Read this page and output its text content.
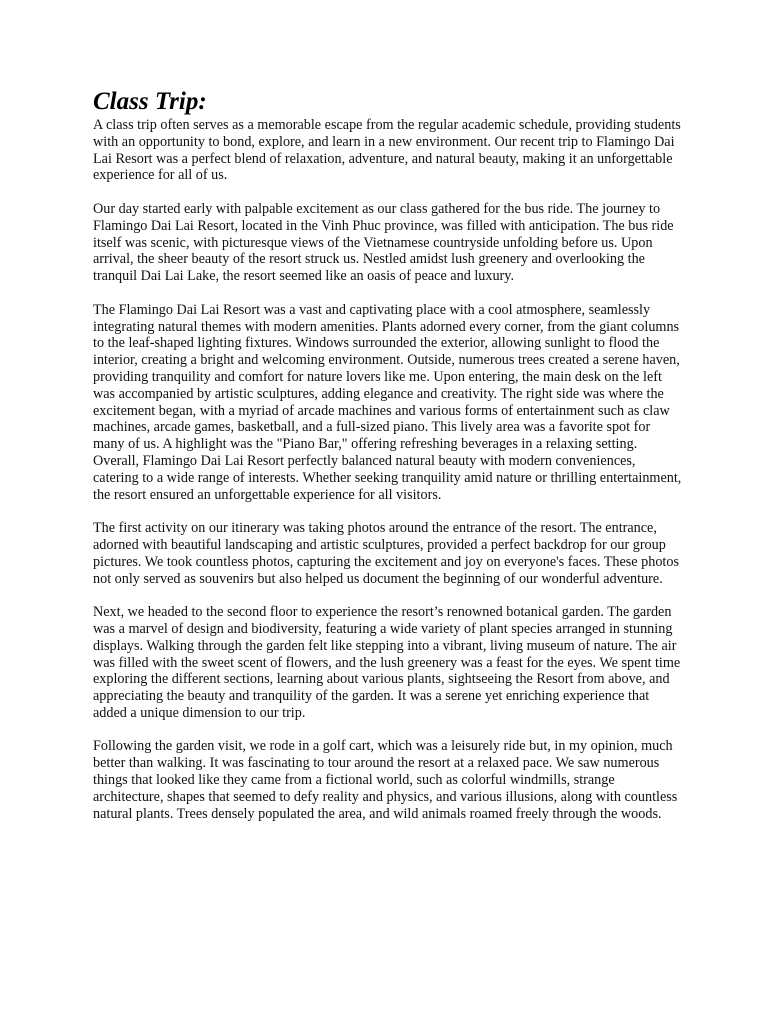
Class Trip:

A class trip often serves as a memorable escape from the regular academic schedule, providing students with an opportunity to bond, explore, and learn in a new environment. Our recent trip to Flamingo Dai Lai Resort was a perfect blend of relaxation, adventure, and natural beauty, making it an unforgettable experience for all of us.

Our day started early with palpable excitement as our class gathered for the bus ride. The journey to Flamingo Dai Lai Resort, located in the Vinh Phuc province, was filled with anticipation. The bus ride itself was scenic, with picturesque views of the Vietnamese countryside unfolding before us. Upon arrival, the sheer beauty of the resort struck us. Nestled amidst lush greenery and overlooking the tranquil Dai Lai Lake, the resort seemed like an oasis of peace and luxury.

The Flamingo Dai Lai Resort was a vast and captivating place with a cool atmosphere, seamlessly integrating natural themes with modern amenities. Plants adorned every corner, from the giant columns to the leaf-shaped lighting fixtures. Windows surrounded the exterior, allowing sunlight to flood the interior, creating a bright and welcoming environment. Outside, numerous trees created a serene haven, providing tranquility and comfort for nature lovers like me. Upon entering, the main desk on the left was accompanied by artistic sculptures, adding elegance and creativity. The right side was where the excitement began, with a myriad of arcade machines and various forms of entertainment such as claw machines, arcade games, basketball, and a full-sized piano. This lively area was a favorite spot for many of us. A highlight was the "Piano Bar," offering refreshing beverages in a relaxing setting. Overall, Flamingo Dai Lai Resort perfectly balanced natural beauty with modern conveniences, catering to a wide range of interests. Whether seeking tranquility amid nature or thrilling entertainment, the resort ensured an unforgettable experience for all visitors.

The first activity on our itinerary was taking photos around the entrance of the resort. The entrance, adorned with beautiful landscaping and artistic sculptures, provided a perfect backdrop for our group pictures. We took countless photos, capturing the excitement and joy on everyone's faces. These photos not only served as souvenirs but also helped us document the beginning of our wonderful adventure.

Next, we headed to the second floor to experience the resort’s renowned botanical garden. The garden was a marvel of design and biodiversity, featuring a wide variety of plant species arranged in stunning displays. Walking through the garden felt like stepping into a vibrant, living museum of nature. The air was filled with the sweet scent of flowers, and the lush greenery was a feast for the eyes. We spent time exploring the different sections, learning about various plants, sightseeing the Resort from above, and appreciating the beauty and tranquility of the garden. It was a serene yet enriching experience that added a unique dimension to our trip.

Following the garden visit, we rode in a golf cart, which was a leisurely ride but, in my opinion, much better than walking. It was fascinating to tour around the resort at a relaxed pace. We saw numerous things that looked like they came from a fictional world, such as colorful windmills, strange architecture, shapes that seemed to defy reality and physics, and various illusions, along with countless natural plants. Trees densely populated the area, and wild animals roamed freely through the woods.
